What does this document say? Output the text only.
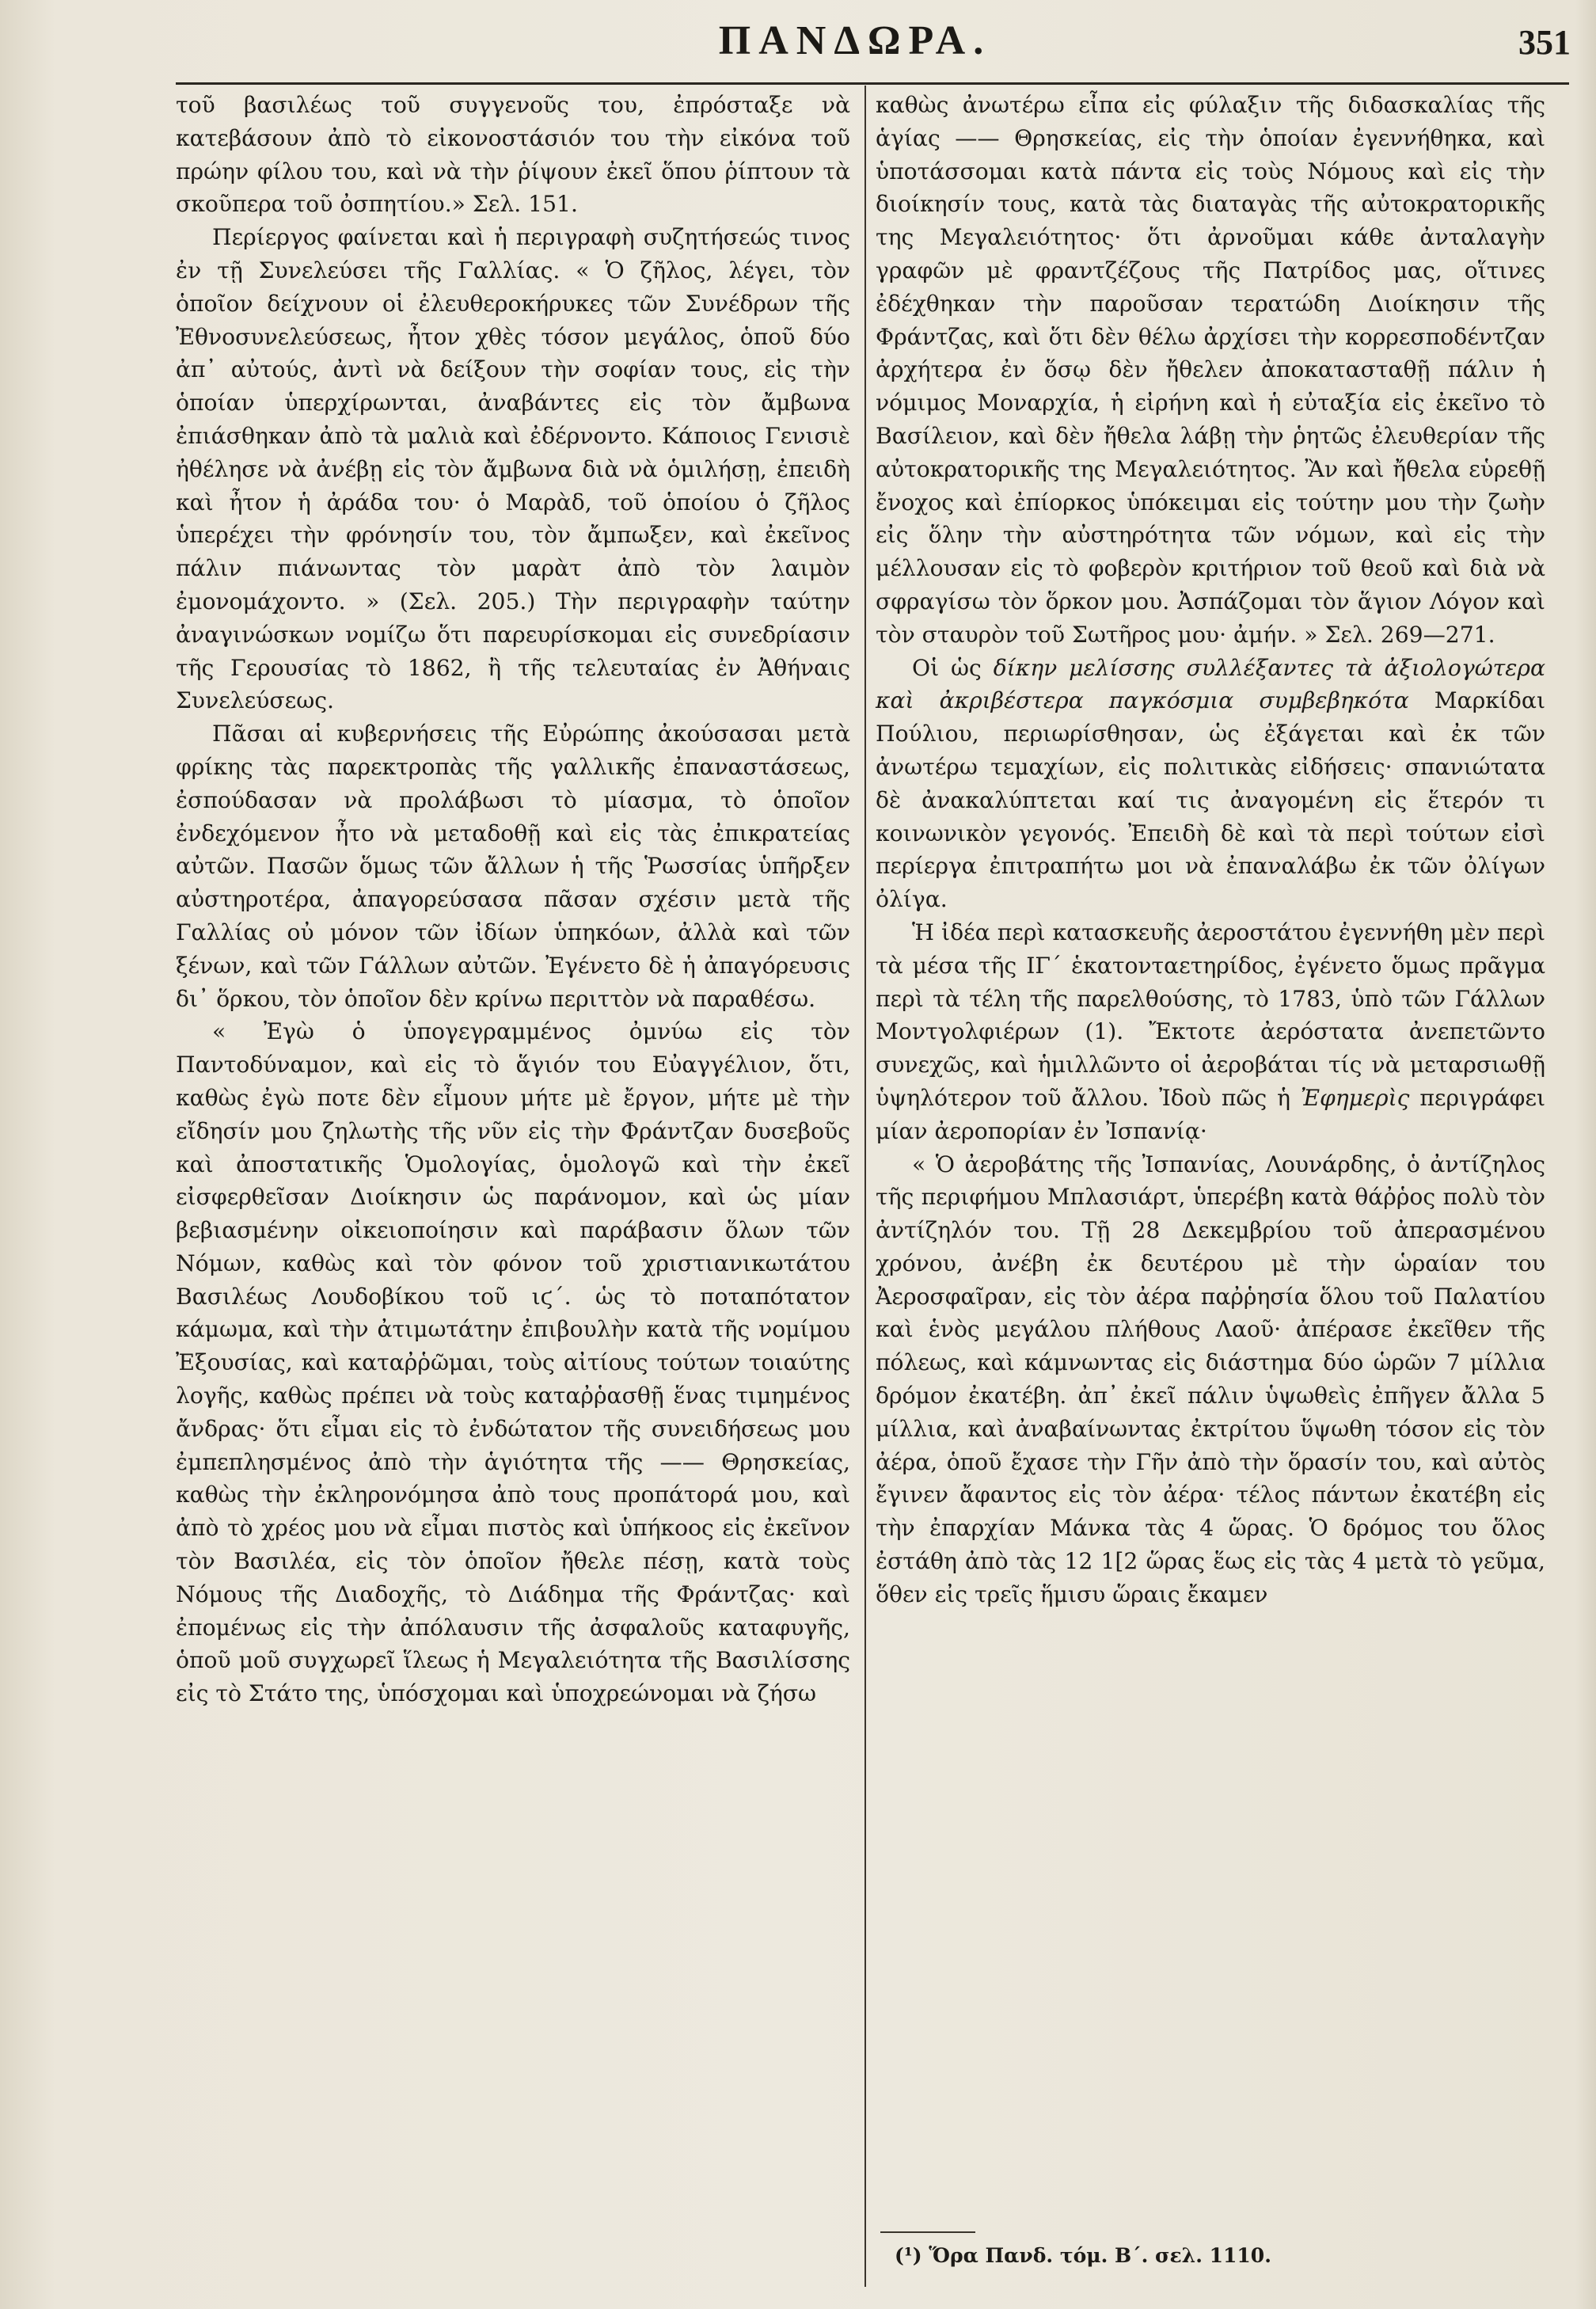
ΠΑΝΔΩΡΑ.	351

τοῦ βασιλέως τοῦ συγγενοῦς του, ἐπρόσταξε νὰ κατεβάσουν ἀπὸ τὸ εἰκονοστάσιόν του τὴν εἰκόνα τοῦ πρώην φίλου του, καὶ νὰ τὴν ῥίψουν ἐκεῖ ὅπου ῥίπτουν τὰ σκοῦπερα τοῦ ὀσπητίου.» Σελ. 151.

Περίεργος φαίνεται καὶ ἡ περιγραφὴ συζητήσεώς τινος ἐν τῇ Συνελεύσει τῆς Γαλλίας. « Ὁ ζῆλος, λέγει, τὸν ὁποῖον δείχνουν οἱ ἐλευθεροκήρυκες τῶν Συνέδρων τῆς Ἐθνοσυνελεύσεως, ἦτον χθὲς τόσον μεγάλος, ὁποῦ δύο ἀπ᾿ αὐτούς, ἀντὶ νὰ δείξουν τὴν σοφίαν τους, εἰς τὴν ὁποίαν ὑπερχίρωνται, ἀναβάντες εἰς τὸν ἄμβωνα ἐπιάσθηκαν ἀπὸ τὰ μαλιὰ καὶ ἐδέρνοντο. Κάποιος Γενισιὲ ἠθέλησε νὰ ἀνέβῃ εἰς τὸν ἄμβωνα διὰ νὰ ὁμιλήσῃ, ἐπειδὴ καὶ ἦτον ἡ ἀράδα του· ὁ Μαρὰδ, τοῦ ὁποίου ὁ ζῆλος ὑπερέχει τὴν φρόνησίν του, τὸν ἄμπωξεν, καὶ ἐκεῖνος πάλιν πιάνωντας τὸν μαρὰτ ἀπὸ τὸν λαιμὸν ἐμονομάχοντο. » (Σελ. 205.) Τὴν περιγραφὴν ταύτην ἀναγινώσκων νομίζω ὅτι παρευρίσκομαι εἰς συνεδρίασιν τῆς Γερουσίας τὸ 1862, ἢ τῆς τελευταίας ἐν Ἀθήναις Συνελεύσεως.

Πᾶσαι αἱ κυβερνήσεις τῆς Εὐρώπης ἀκούσασαι μετὰ φρίκης τὰς παρεκτροπὰς τῆς γαλλικῆς ἐπαναστάσεως, ἐσπούδασαν νὰ προλάβωσι τὸ μίασμα, τὸ ὁποῖον ἐνδεχόμενον ἦτο νὰ μεταδοθῇ καὶ εἰς τὰς ἐπικρατείας αὐτῶν. Πασῶν ὅμως τῶν ἄλλων ἡ τῆς Ῥωσσίας ὑπῆρξεν αὐστηροτέρα, ἀπαγορεύσασα πᾶσαν σχέσιν μετὰ τῆς Γαλλίας οὐ μόνον τῶν ἰδίων ὑπηκόων, ἀλλὰ καὶ τῶν ξένων, καὶ τῶν Γάλλων αὐτῶν. Ἐγένετο δὲ ἡ ἀπαγόρευσις δι᾿ ὅρκου, τὸν ὁποῖον δὲν κρίνω περιττὸν νὰ παραθέσω.

« Ἐγὼ ὁ ὑπογεγραμμένος ὀμνύω εἰς τὸν Παντοδύναμον, καὶ εἰς τὸ ἅγιόν του Εὐαγγέλιον, ὅτι, καθὼς ἐγὼ ποτε δὲν εἶμουν μήτε μὲ ἔργον, μήτε μὲ τὴν εἴδησίν μου ζηλωτὴς τῆς νῦν εἰς τὴν Φράντζαν δυσεβοῦς καὶ ἀποστατικῆς Ὁμολογίας, ὁμολογῶ καὶ τὴν ἐκεῖ εἰσφερθεῖσαν Διοίκησιν ὡς παράνομον, καὶ ὡς μίαν βεβιασμένην οἰκειοποίησιν καὶ παράβασιν ὅλων τῶν Νόμων, καθὼς καὶ τὸν φόνον τοῦ χριστιανικωτάτου Βασιλέως Λουδοβίκου τοῦ ιϛ΄. ὡς τὸ ποταπότατον κάμωμα, καὶ τὴν ἀτιμωτάτην ἐπιβουλὴν κατὰ τῆς νομίμου Ἐξουσίας, καὶ καταῤῥῶμαι, τοὺς αἰτίους τούτων τοιαύτης λογῆς, καθὼς πρέπει νὰ τοὺς καταῤῥασθῇ ἕνας τιμημένος ἄνδρας· ὅτι εἶμαι εἰς τὸ ἐνδώτατον τῆς συνειδήσεως μου ἐμπεπλησμένος ἀπὸ τὴν ἁγιότητα τῆς —— Θρησκείας, καθὼς τὴν ἐκληρονόμησα ἀπὸ τους προπάτορά μου, καὶ ἀπὸ τὸ χρέος μου νὰ εἶμαι πιστὸς καὶ ὑπήκοος εἰς ἐκεῖνον τὸν Βασιλέα, εἰς τὸν ὁποῖον ἤθελε πέσῃ, κατὰ τοὺς Νόμους τῆς Διαδοχῆς, τὸ Διάδημα τῆς Φράντζας· καὶ ἐπομένως εἰς τὴν ἀπόλαυσιν τῆς ἀσφαλοῦς καταφυγῆς, ὁποῦ μοῦ συγχωρεῖ ἵλεως ἡ Μεγαλειότητα τῆς Βασιλίσσης εἰς τὸ Στάτο της, ὑπόσχομαι καὶ ὑποχρεώνομαι νὰ ζήσω

καθὼς ἀνωτέρω εἶπα εἰς φύλαξιν τῆς διδασκαλίας τῆς ἁγίας —— Θρησκείας, εἰς τὴν ὁποίαν ἐγεννήθηκα, καὶ ὑποτάσσομαι κατὰ πάντα εἰς τοὺς Νόμους καὶ εἰς τὴν διοίκησίν τους, κατὰ τὰς διαταγὰς τῆς αὐτοκρατορικῆς της Μεγαλειότητος· ὅτι ἀρνοῦμαι κάθε ἀνταλαγὴν γραφῶν μὲ φραντζέζους τῆς Πατρίδος μας, οἵτινες ἐδέχθηκαν τὴν παροῦσαν τερατώδη Διοίκησιν τῆς Φράντζας, καὶ ὅτι δὲν θέλω ἀρχίσει τὴν κορρεσποδέντζαν ἀρχήτερα ἐν ὅσῳ δὲν ἤθελεν ἀποκατασταθῇ πάλιν ἡ νόμιμος Μοναρχία, ἡ εἰρήνη καὶ ἡ εὐταξία εἰς ἐκεῖνο τὸ Βασίλειον, καὶ δὲν ἤθελα λάβῃ τὴν ῥητῶς ἐλευθερίαν τῆς αὐτοκρατορικῆς της Μεγαλειότητος. Ἂν καὶ ἤθελα εὑρεθῇ ἔνοχος καὶ ἐπίορκος ὑπόκειμαι εἰς τούτην μου τὴν ζωὴν εἰς ὅλην τὴν αὐστηρότητα τῶν νόμων, καὶ εἰς τὴν μέλλουσαν εἰς τὸ φοβερὸν κριτήριον τοῦ θεοῦ καὶ διὰ νὰ σφραγίσω τὸν ὅρκον μου. Ἀσπάζομαι τὸν ἅγιον Λόγον καὶ τὸν σταυρὸν τοῦ Σωτῆρος μου· ἀμήν. » Σελ. 269—271.

Οἱ ὡς δίκην μελίσσης συλλέξαντες τὰ ἀξιολογώτερα καὶ ἀκριβέστερα παγκόσμια συμβεβηκότα Μαρκίδαι Πούλιου, περιωρίσθησαν, ὡς ἐξάγεται καὶ ἐκ τῶν ἀνωτέρω τεμαχίων, εἰς πολιτικὰς εἰδήσεις· σπανιώτατα δὲ ἀνακαλύπτεται καί τις ἀναγομένη εἰς ἕτερόν τι κοινωνικὸν γεγονός. Ἐπειδὴ δὲ καὶ τὰ περὶ τούτων εἰσὶ περίεργα ἐπιτραπήτω μοι νὰ ἐπαναλάβω ἐκ τῶν ὀλίγων ὀλίγα.

Ἡ ἰδέα περὶ κατασκευῆς ἀεροστάτου ἐγεννήθη μὲν περὶ τὰ μέσα τῆς ΙΓ΄ ἑκατονταετηρίδος, ἐγένετο ὅμως πρᾶγμα περὶ τὰ τέλη τῆς παρελθούσης, τὸ 1783, ὑπὸ τῶν Γάλλων Μοντγολφιέρων (1). Ἔκτοτε ἀερόστατα ἀνεπετῶντο συνεχῶς, καὶ ἡμιλλῶντο οἱ ἀεροβάται τίς νὰ μεταρσιωθῇ ὑψηλότερον τοῦ ἄλλου. Ἰδοὺ πῶς ἡ Ἐφημερὶς περιγράφει μίαν ἀεροπορίαν ἐν Ἰσπανίᾳ·

« Ὁ ἀεροβάτης τῆς Ἰσπανίας, Λουνάρδης, ὁ ἀντίζηλος τῆς περιφήμου Μπλασιάρτ, ὑπερέβη κατὰ θάῤῥος πολὺ τὸν ἀντίζηλόν του. Τῇ 28 Δεκεμβρίου τοῦ ἀπερασμένου χρόνου, ἀνέβη ἐκ δευτέρου μὲ τὴν ὡραίαν του Ἀεροσφαῖραν, εἰς τὸν ἀέρα παῤῥησία ὅλου τοῦ Παλατίου καὶ ἑνὸς μεγάλου πλήθους Λαοῦ· ἀπέρασε ἐκεῖθεν τῆς πόλεως, καὶ κάμνωντας εἰς διάστημα δύο ὡρῶν 7 μίλλια δρόμον ἐκατέβη. ἀπ᾿ ἐκεῖ πάλιν ὑψωθεὶς ἐπῆγεν ἄλλα 5 μίλλια, καὶ ἀναβαίνωντας ἐκτρίτου ὕψωθη τόσον εἰς τὸν ἀέρα, ὁποῦ ἔχασε τὴν Γῆν ἀπὸ τὴν ὅρασίν του, καὶ αὐτὸς ἔγινεν ἄφαντος εἰς τὸν ἀέρα· τέλος πάντων ἐκατέβη εἰς τὴν ἐπαρχίαν Μάνκα τὰς 4 ὥρας. Ὁ δρόμος του ὅλος ἐστάθη ἀπὸ τὰς 12 1[2 ὥρας ἕως εἰς τὰς 4 μετὰ τὸ γεῦμα, ὅθεν εἰς τρεῖς ἥμισυ ὥραις ἔκαμεν

(¹) Ὅρα Πανδ. τόμ. Β΄. σελ. 1110.
